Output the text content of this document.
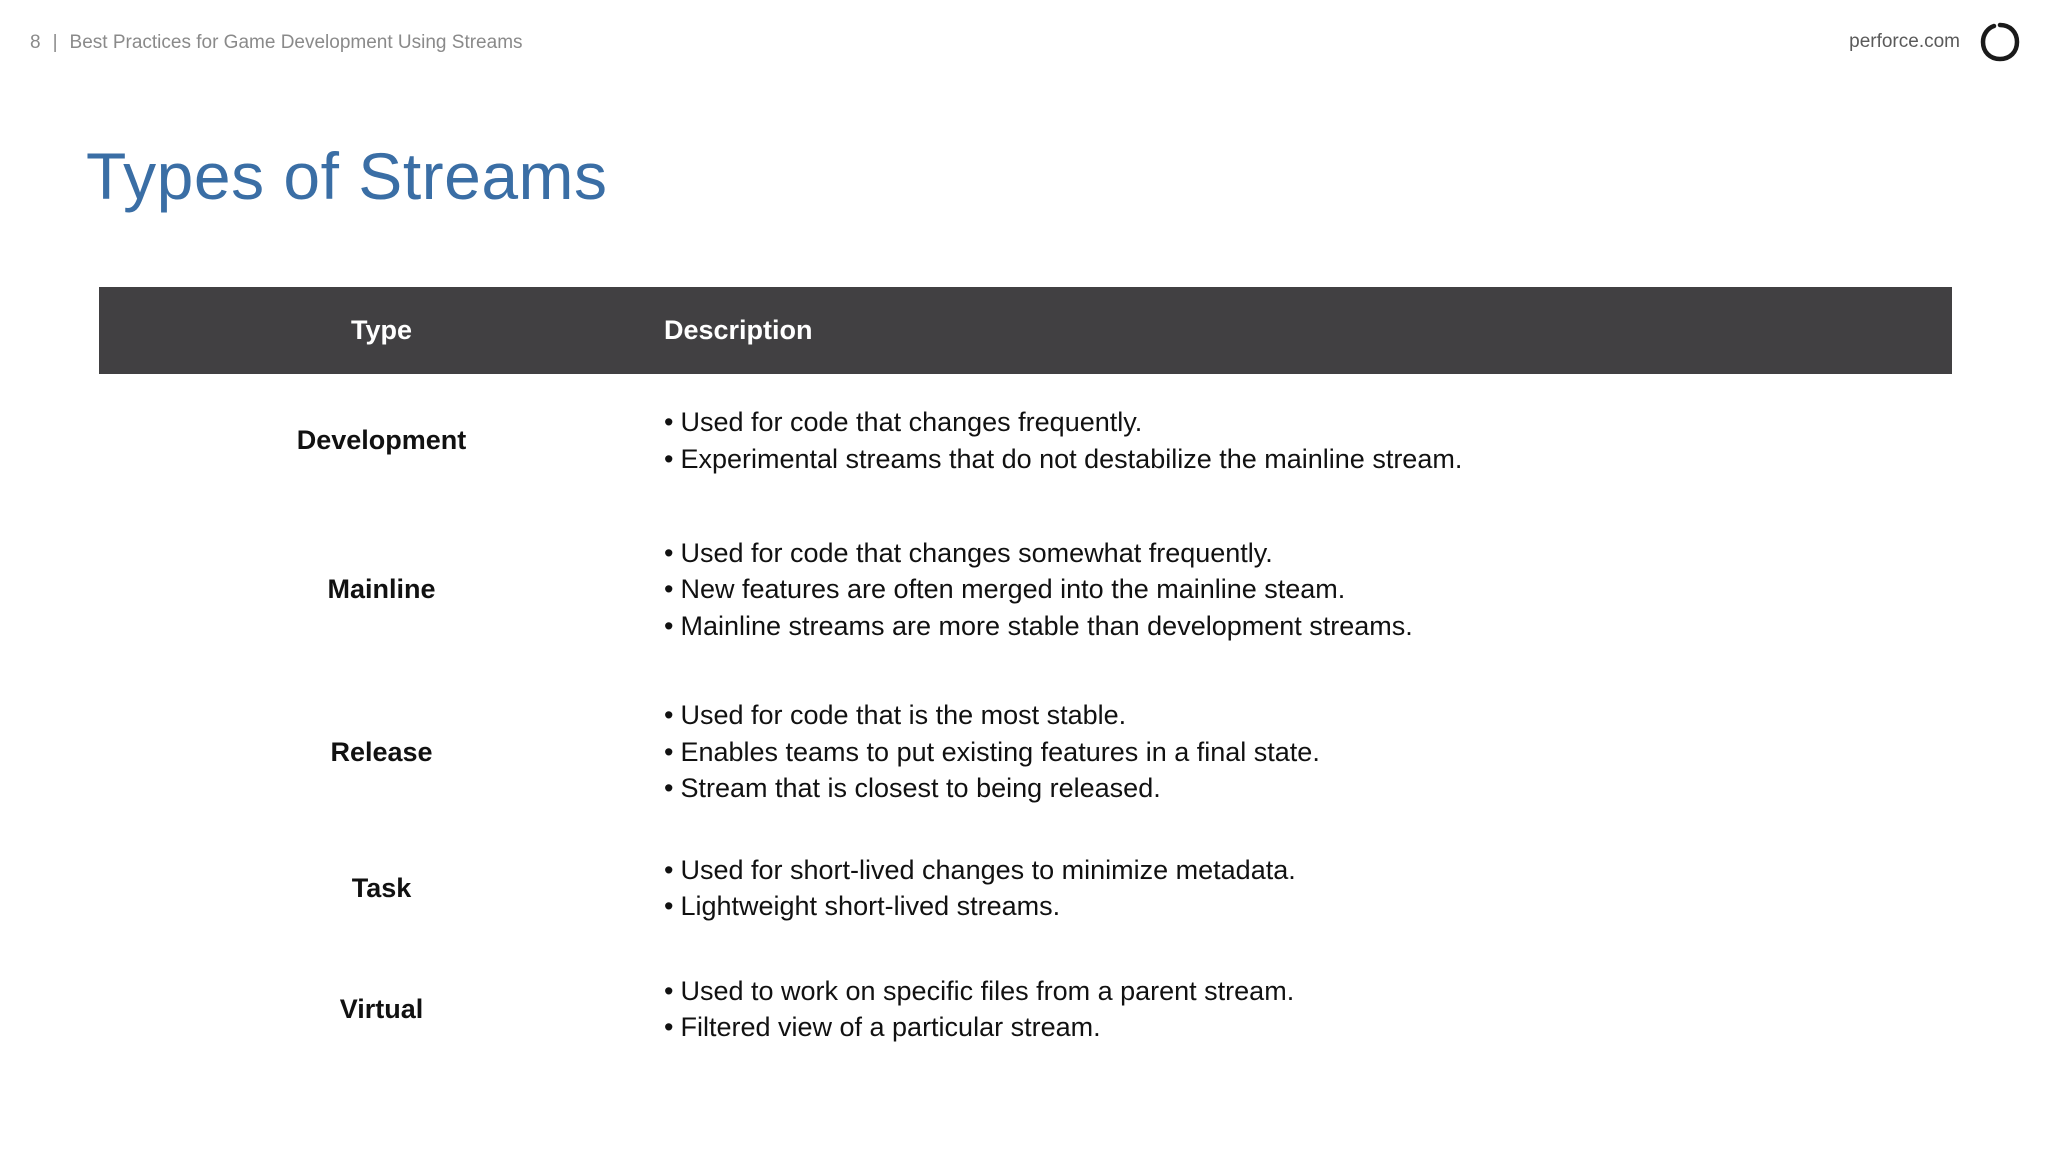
8 | Best Practices for Game Development Using Streams	perforce.com
Types of Streams
Type	Description
Development
• Used for code that changes frequently.
• Experimental streams that do not destabilize the mainline stream.
Mainline
• Used for code that changes somewhat frequently.
• New features are often merged into the mainline steam.
• Mainline streams are more stable than development streams.
Release
• Used for code that is the most stable.
• Enables teams to put existing features in a final state.
• Stream that is closest to being released.
Task
• Used for short-lived changes to minimize metadata.
• Lightweight short-lived streams.
Virtual
• Used to work on specific files from a parent stream.
• Filtered view of a particular stream.
